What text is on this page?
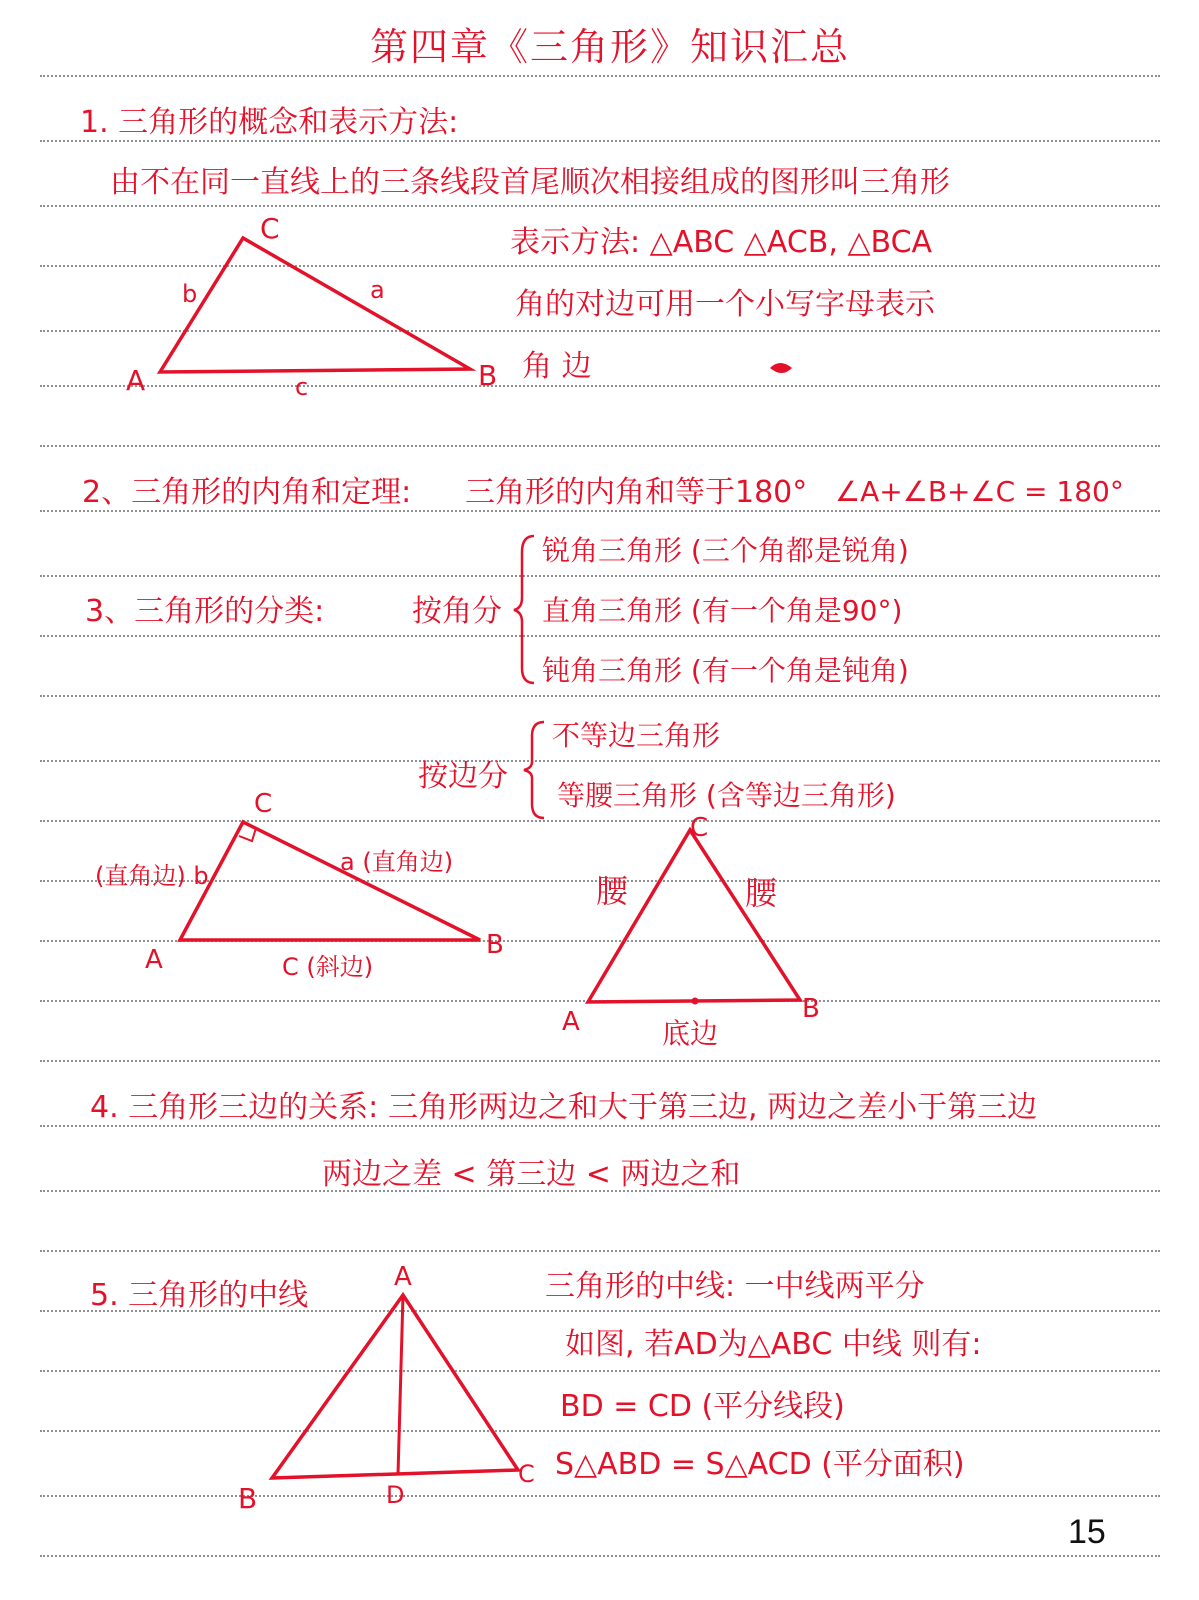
第四章《三角形》知识汇总
1. 三角形的概念和表示方法:
由不在同一直线上的三条线段首尾顺次相接组成的图形叫三角形
表示方法: △ABC △ACB, △BCA
角的对边可用一个小写字母表示
角 边
A	B
C
a
b
c
2、三角形的内角和定理: 三角形的内角和等于180° ∠A+∠B+∠C = 180°
3、三角形的分类:	按角分
锐角三角形 (三个角都是锐角)
直角三角形 (有一个角是90°)
钝角三角形 (有一个角是钝角)
按边分
不等边三角形
等腰三角形 (含等边三角形)
C
A	B
(直角边) b	a (直角边)
C (斜边)
C
A	B
腰	腰
底边
4. 三角形三边的关系: 三角形两边之和大于第三边, 两边之差小于第三边
两边之差 < 第三边 < 两边之和
5. 三角形的中线	三角形的中线: 一中线两平分
如图, 若AD为△ABC 中线 则有:
BD = CD (平分线段)
S△ABD = S△ACD (平分面积)
A
B
C
D
15
